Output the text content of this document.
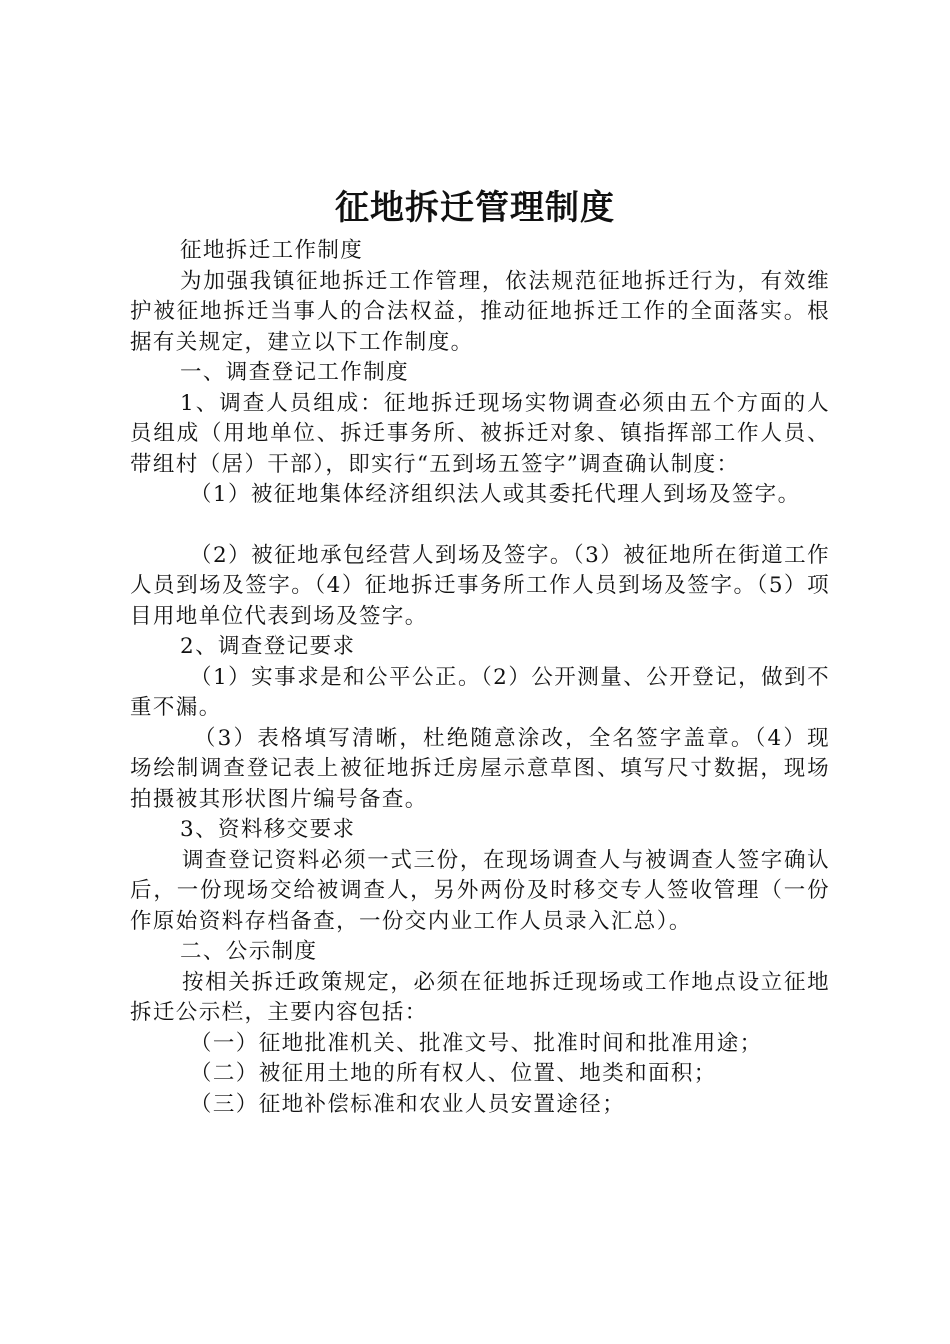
征地拆迁管理制度

征地拆迁工作制度

为加强我镇征地拆迁工作管理，依法规范征地拆迁行为，有效维护被征地拆迁当事人的合法权益，推动征地拆迁工作的全面落实。根据有关规定，建立以下工作制度。

一、调查登记工作制度

1、调查人员组成：征地拆迁现场实物调查必须由五个方面的人员组成（用地单位、拆迁事务所、被拆迁对象、镇指挥部工作人员、带组村（居）干部），即实行“五到场五签字”调查确认制度：

（1）被征地集体经济组织法人或其委托代理人到场及签字。

（2）被征地承包经营人到场及签字。（3）被征地所在街道工作人员到场及签字。（4）征地拆迁事务所工作人员到场及签字。（5）项目用地单位代表到场及签字。

2、调查登记要求

（1）实事求是和公平公正。（2）公开测量、公开登记，做到不重不漏。

（3）表格填写清晰，杜绝随意涂改，全名签字盖章。（4）现场绘制调查登记表上被征地拆迁房屋示意草图、填写尺寸数据，现场拍摄被其形状图片编号备查。

3、资料移交要求

调查登记资料必须一式三份，在现场调查人与被调查人签字确认后，一份现场交给被调查人，另外两份及时移交专人签收管理（一份作原始资料存档备查，一份交内业工作人员录入汇总）。

二、公示制度

按相关拆迁政策规定，必须在征地拆迁现场或工作地点设立征地拆迁公示栏，主要内容包括：

（一）征地批准机关、批准文号、批准时间和批准用途；

（二）被征用土地的所有权人、位置、地类和面积；

（三）征地补偿标准和农业人员安置途径；
